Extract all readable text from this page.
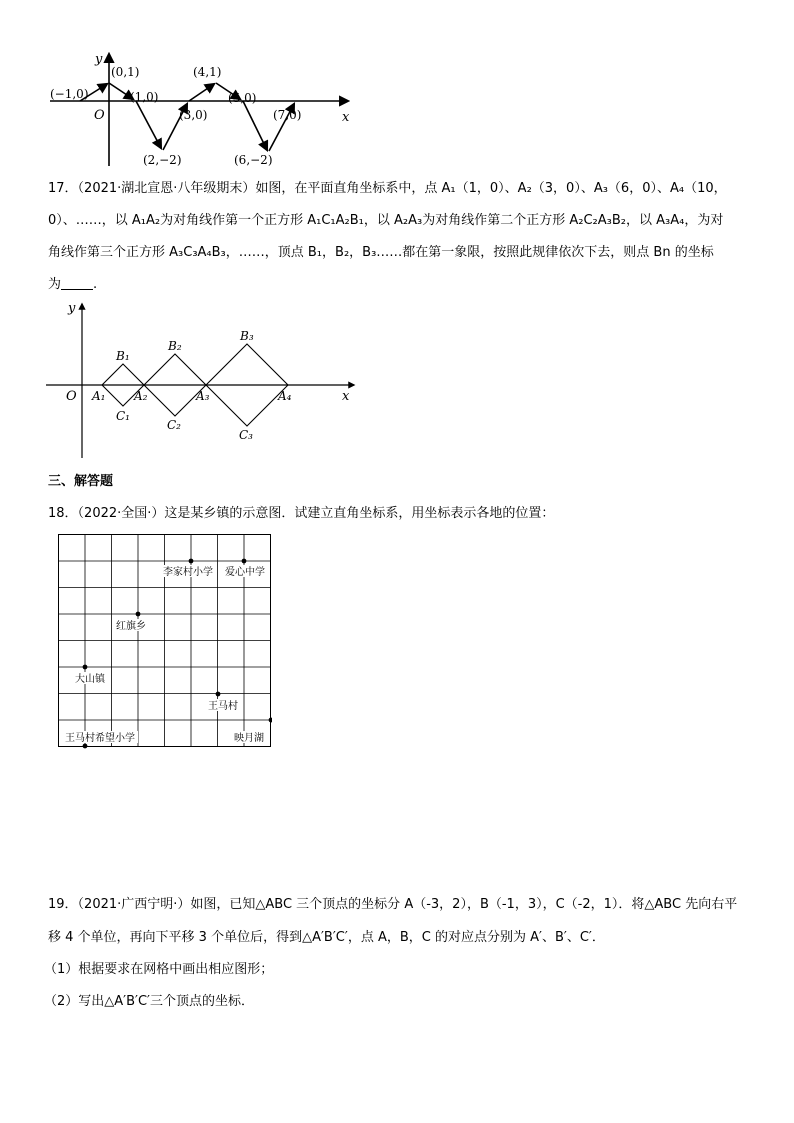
y
x
O
(−1,0)
(0,1)
(1,0)
(2,−2)
(3,0)
(4,1)
(5,0)
(6,−2)
(7,0)
17．（2021·湖北宣恩·八年级期末）如图，在平面直角坐标系中，点 A₁（1，0）、A₂（3，0）、A₃（6，0）、A₄（10，
0）、……，以 A₁A₂为对角线作第一个正方形 A₁C₁A₂B₁，以 A₂A₃为对角线作第二个正方形 A₂C₂A₃B₂，以 A₃A₄，为对
角线作第三个正方形 A₃C₃A₄B₃，……，顶点 B₁，B₂，B₃……都在第一象限，按照此规律依次下去，则点 Bn 的坐标
为 .
y
x
O A₁ A₂	A₃	A₄
B₁
B₂
B₃
C₁
C₂
C₃
三、解答题
18．（2022·全国·）这是某乡镇的示意图．试建立直角坐标系，用坐标表示各地的位置：
李家村小学 爱心中学
红旗乡
大山镇
王马村
王马村希望小学	映月湖
19．（2021·广西宁明·）如图，已知△ABC 三个顶点的坐标分 A（-3，2），B（-1，3），C（-2，1）．将△ABC 先向右平
移 4 个单位，再向下平移 3 个单位后，得到△A′B′C′，点 A，B，C 的对应点分别为 A′、B′、C′．
（1）根据要求在网格中画出相应图形；
（2）写出△A′B′C′三个顶点的坐标．
